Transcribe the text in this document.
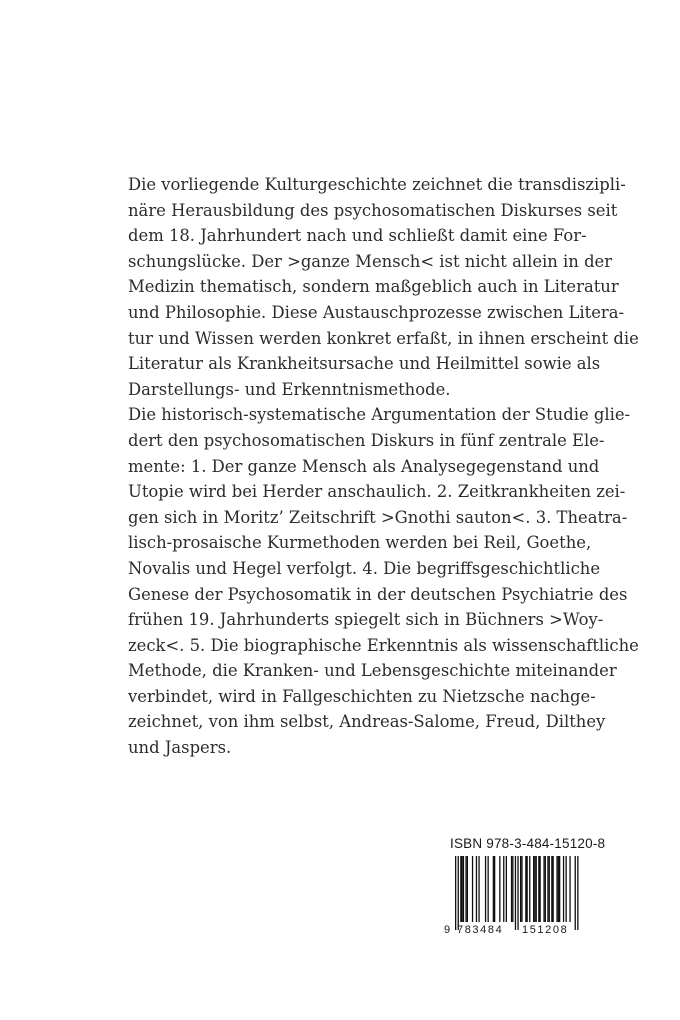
Die vorliegende Kulturgeschichte zeichnet die transdiszipli-
näre Herausbildung des psychosomatischen Diskurses seit
dem 18. Jahrhundert nach und schließt damit eine For-
schungslücke. Der >ganze Mensch< ist nicht allein in der
Medizin thematisch, sondern maßgeblich auch in Literatur
und Philosophie. Diese Austauschprozesse zwischen Litera-
tur und Wissen werden konkret erfaßt, in ihnen erscheint die
Literatur als Krankheitsursache und Heilmittel sowie als
Darstellungs- und Erkenntnismethode.

Die historisch-systematische Argumentation der Studie glie-
dert den psychosomatischen Diskurs in fünf zentrale Ele-
mente: 1. Der ganze Mensch als Analysegegenstand und
Utopie wird bei Herder anschaulich. 2. Zeitkrankheiten zei-
gen sich in Moritz’ Zeitschrift >Gnothi sauton<. 3. Theatra-
lisch-prosaische Kurmethoden werden bei Reil, Goethe,
Novalis und Hegel verfolgt. 4. Die begriffsgeschichtliche
Genese der Psychosomatik in der deutschen Psychiatrie des
frühen 19. Jahrhunderts spiegelt sich in Büchners >Woy-
zeck<. 5. Die biographische Erkenntnis als wissenschaftliche
Methode, die Kranken- und Lebensgeschichte miteinander
verbindet, wird in Fallgeschichten zu Nietzsche nachge-
zeichnet, von ihm selbst, Andreas-Salome, Freud, Dilthey
und Jaspers.

ISBN 978-3-484-15120-8
9 783484 151208
